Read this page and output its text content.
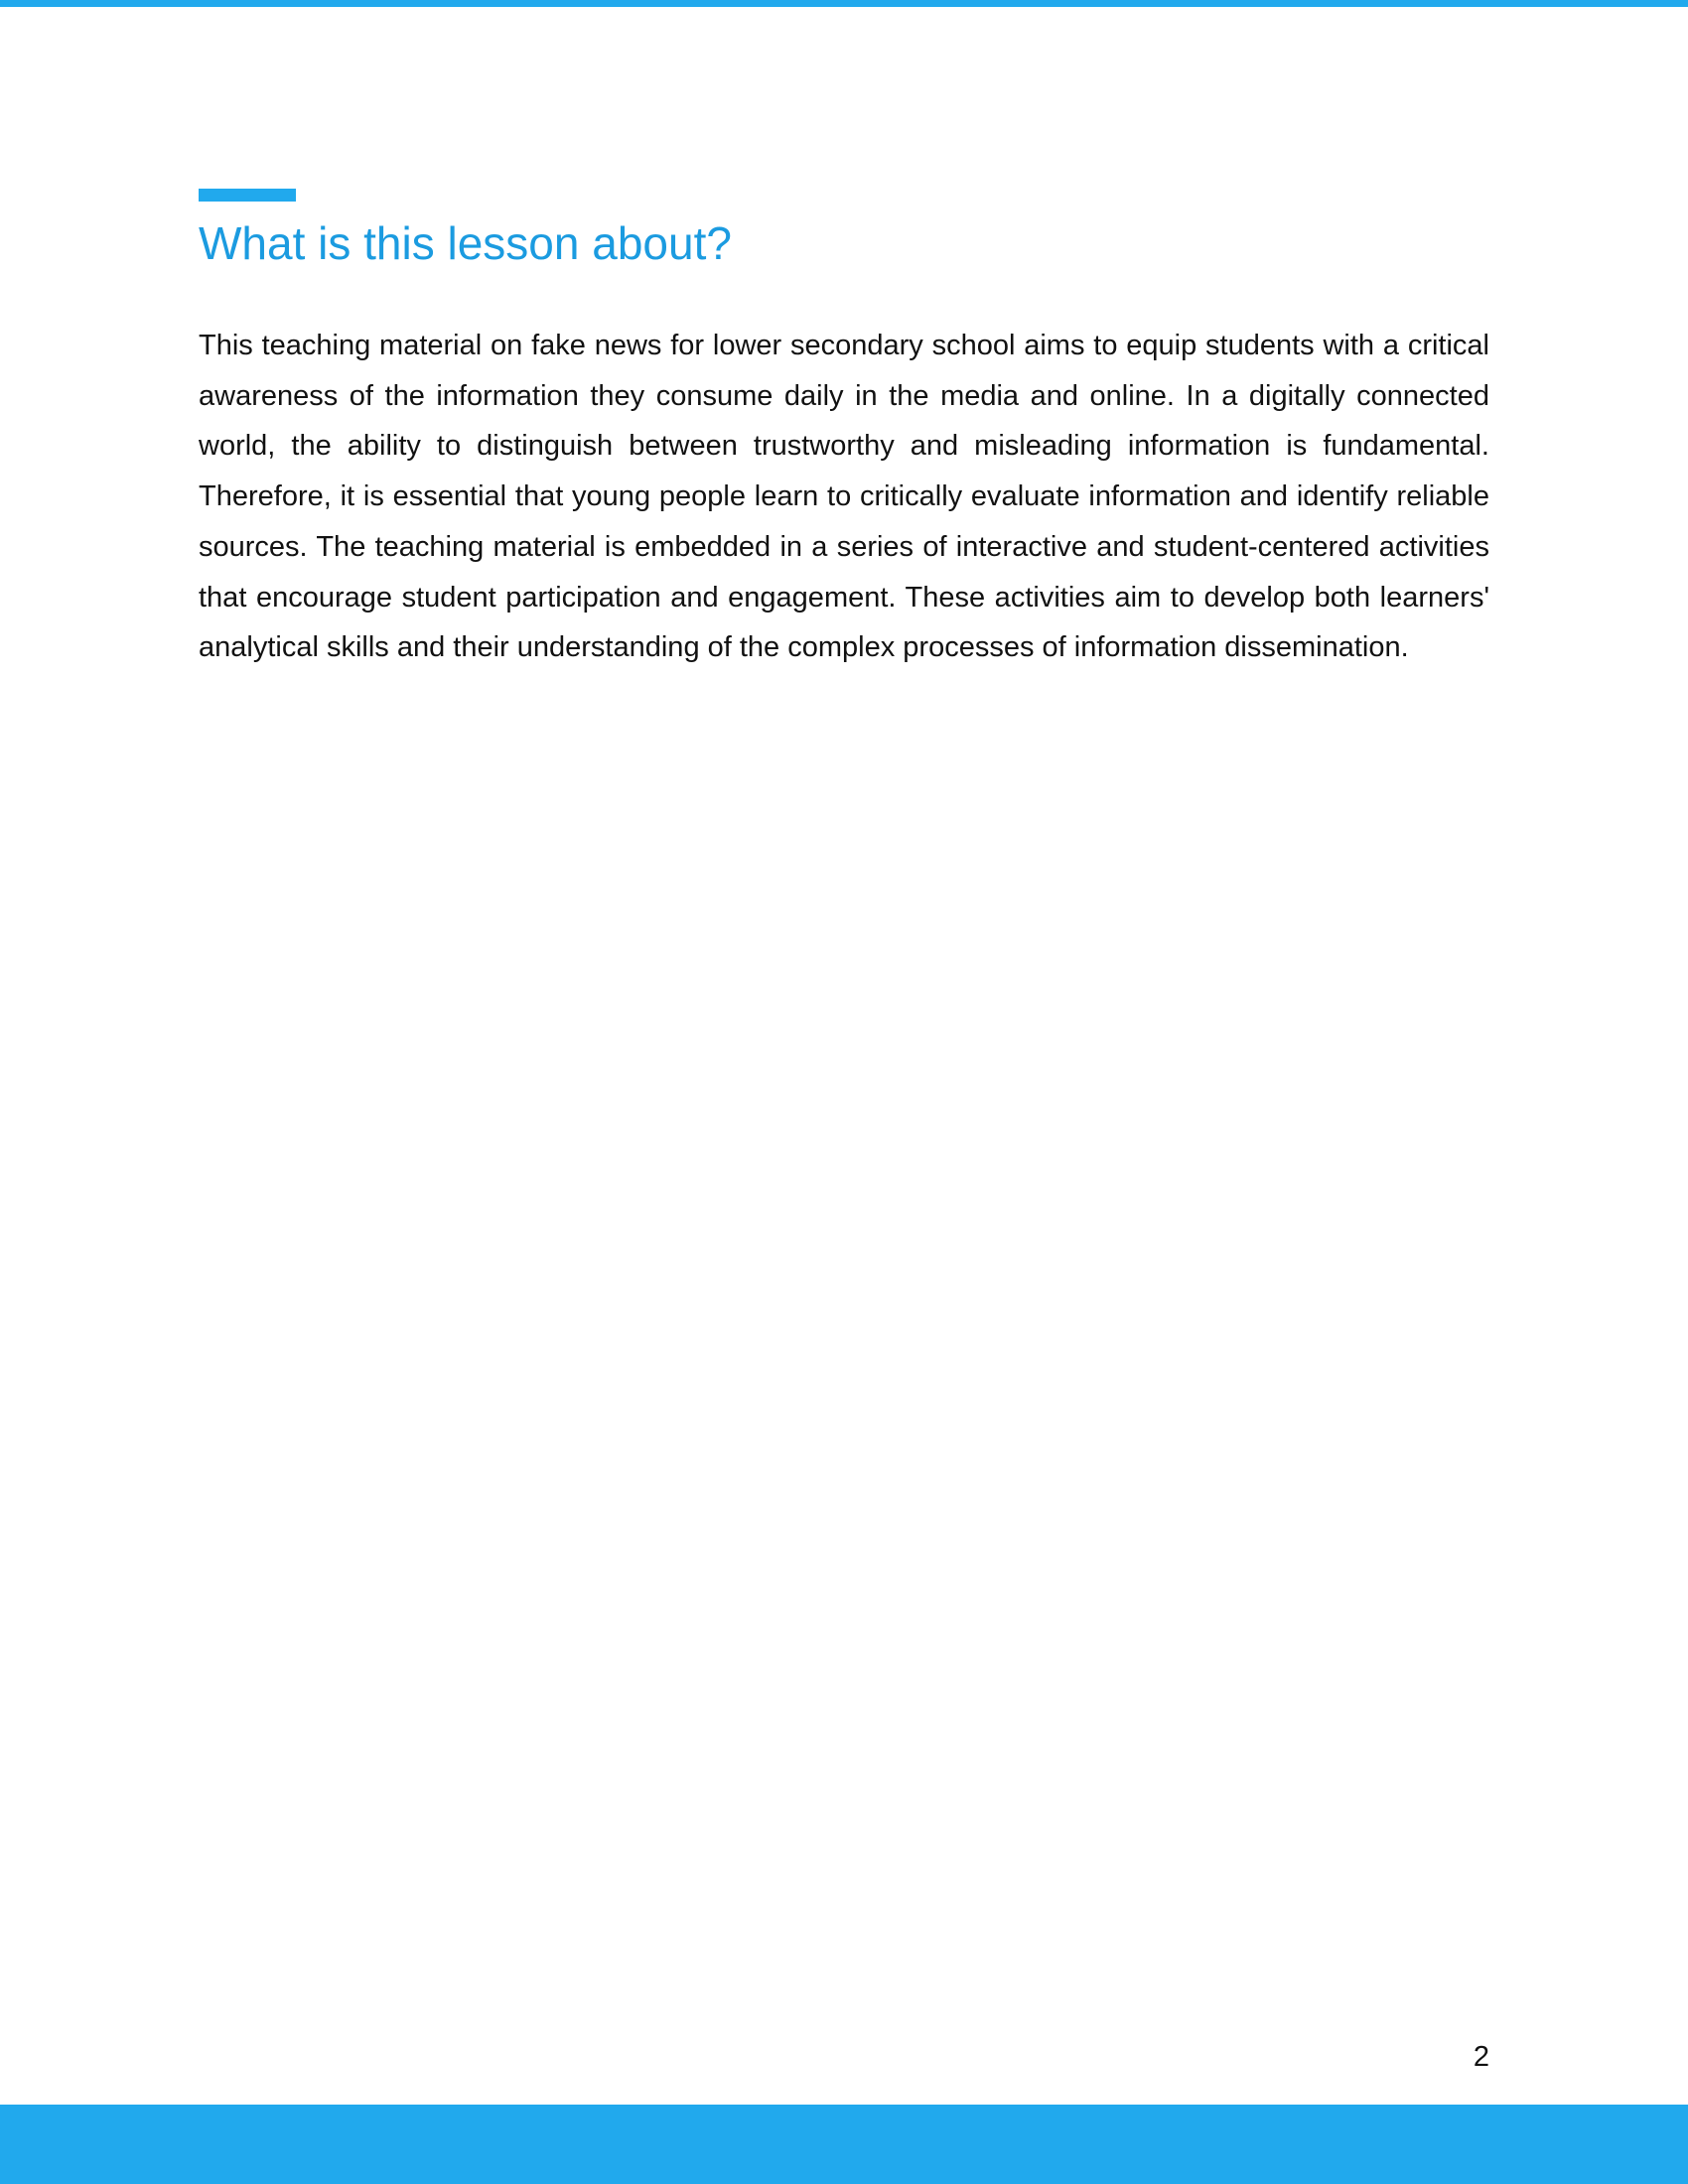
What is this lesson about?

This teaching material on fake news for lower secondary school aims to equip students with a critical awareness of the information they consume daily in the media and online. In a digitally connected world, the ability to distinguish between trustworthy and misleading information is fundamental. Therefore, it is essential that young people learn to critically evaluate information and identify reliable sources. The teaching material is embedded in a series of interactive and student-centered activities that encourage student participation and engagement. These activities aim to develop both learners' analytical skills and their understanding of the complex processes of information dissemination.

2
